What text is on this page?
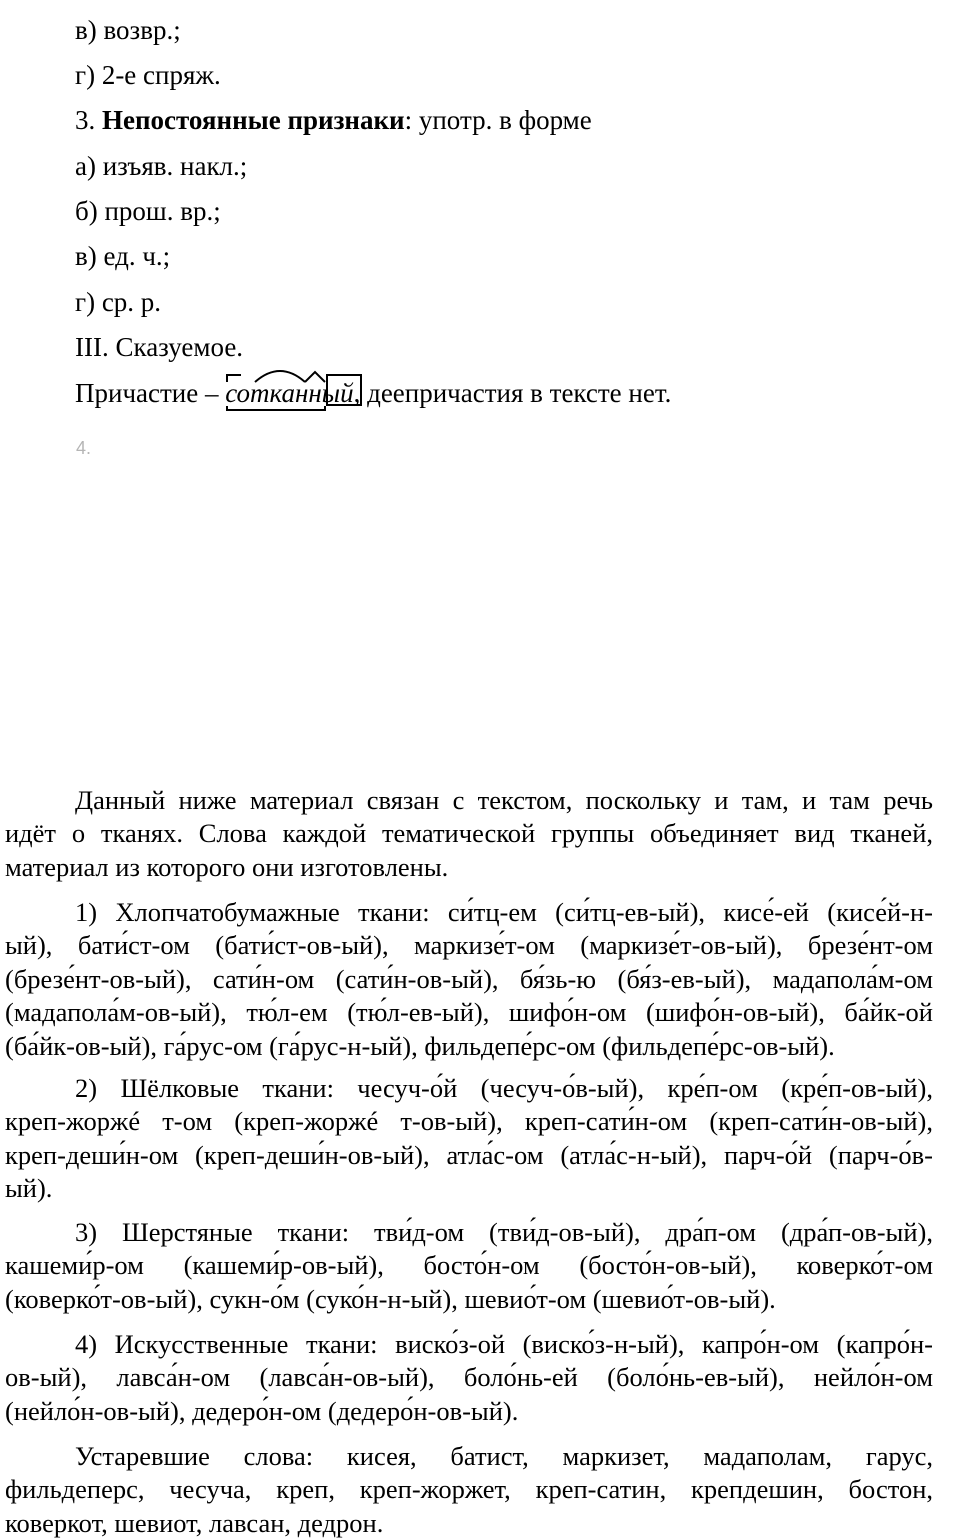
в) возвр.;
г) 2-е спряж.
3. Непостоянные признаки: употр. в форме
а) изъяв. накл.;
б) прош. вр.;
в) ед. ч.;
г) ср. р.
III. Сказуемое.
Причастие – сотканный
, деепричастия в тексте нет.
4.
Данный ниже материал связан с текстом, поскольку и там, и там речь
идёт о тканях. Слова каждой тематической группы объединяет вид тканей,
материал из которого они изготовлены.
1) Хлопчатобумажные ткани: си́тц-ем (си́тц-ев-ый), кисе́-ей (кисе́й-н-
ый), бати́ст-ом (бати́ст-ов-ый), маркизе́т-ом (маркизе́т-ов-ый), брезе́нт-ом
(брезе́нт-ов-ый), сати́н-ом (сати́н-ов-ый), бя́зь-ю (бя́з-ев-ый), мадапола́м-ом
(мадапола́м-ов-ый), тю́л-ем (тю́л-ев-ый), шифо́н-ом (шифо́н-ов-ый), ба́йк-ой
(ба́йк-ов-ый), га́рус-ом (га́рус-н-ый), фильдепе́рс-ом (фильдепе́рс-ов-ый).
2) Шёлковые ткани: чесуч-о́й (чесуч-о́в-ый), кре́п-ом (кре́п-ов-ый),
креп-жоржé т-ом (креп-жоржé т-ов-ый), креп-сати́н-ом (креп-сати́н-ов-ый),
креп-деши́н-ом (креп-деши́н-ов-ый), атла́с-ом (атла́с-н-ый), парч-о́й (парч-о́в-
ый).
3) Шерстяные ткани: тви́д-ом (тви́д-ов-ый), дра́п-ом (дра́п-ов-ый),
кашеми́р-ом (кашеми́р-ов-ый), босто́н-ом (босто́н-ов-ый), коверко́т-ом
(коверко́т-ов-ый), сукн-о́м (суко́н-н-ый), шевио́т-ом (шевио́т-ов-ый).
4) Искусственные ткани: виско́з-ой (виско́з-н-ый), капро́н-ом (капро́н-
ов-ый), лавса́н-ом (лавса́н-ов-ый), боло́нь-ей (боло́нь-ев-ый), нейло́н-ом
(нейло́н-ов-ый), дедеро́н-ом (дедеро́н-ов-ый).
Устаревшие слова: кисея, батист, маркизет, мадаполам, гарус,
фильдеперс, чесуча, креп, креп-жоржет, креп-сатин, крепдешин, бостон,
коверкот, шевиот, лавсан, дедрон.
